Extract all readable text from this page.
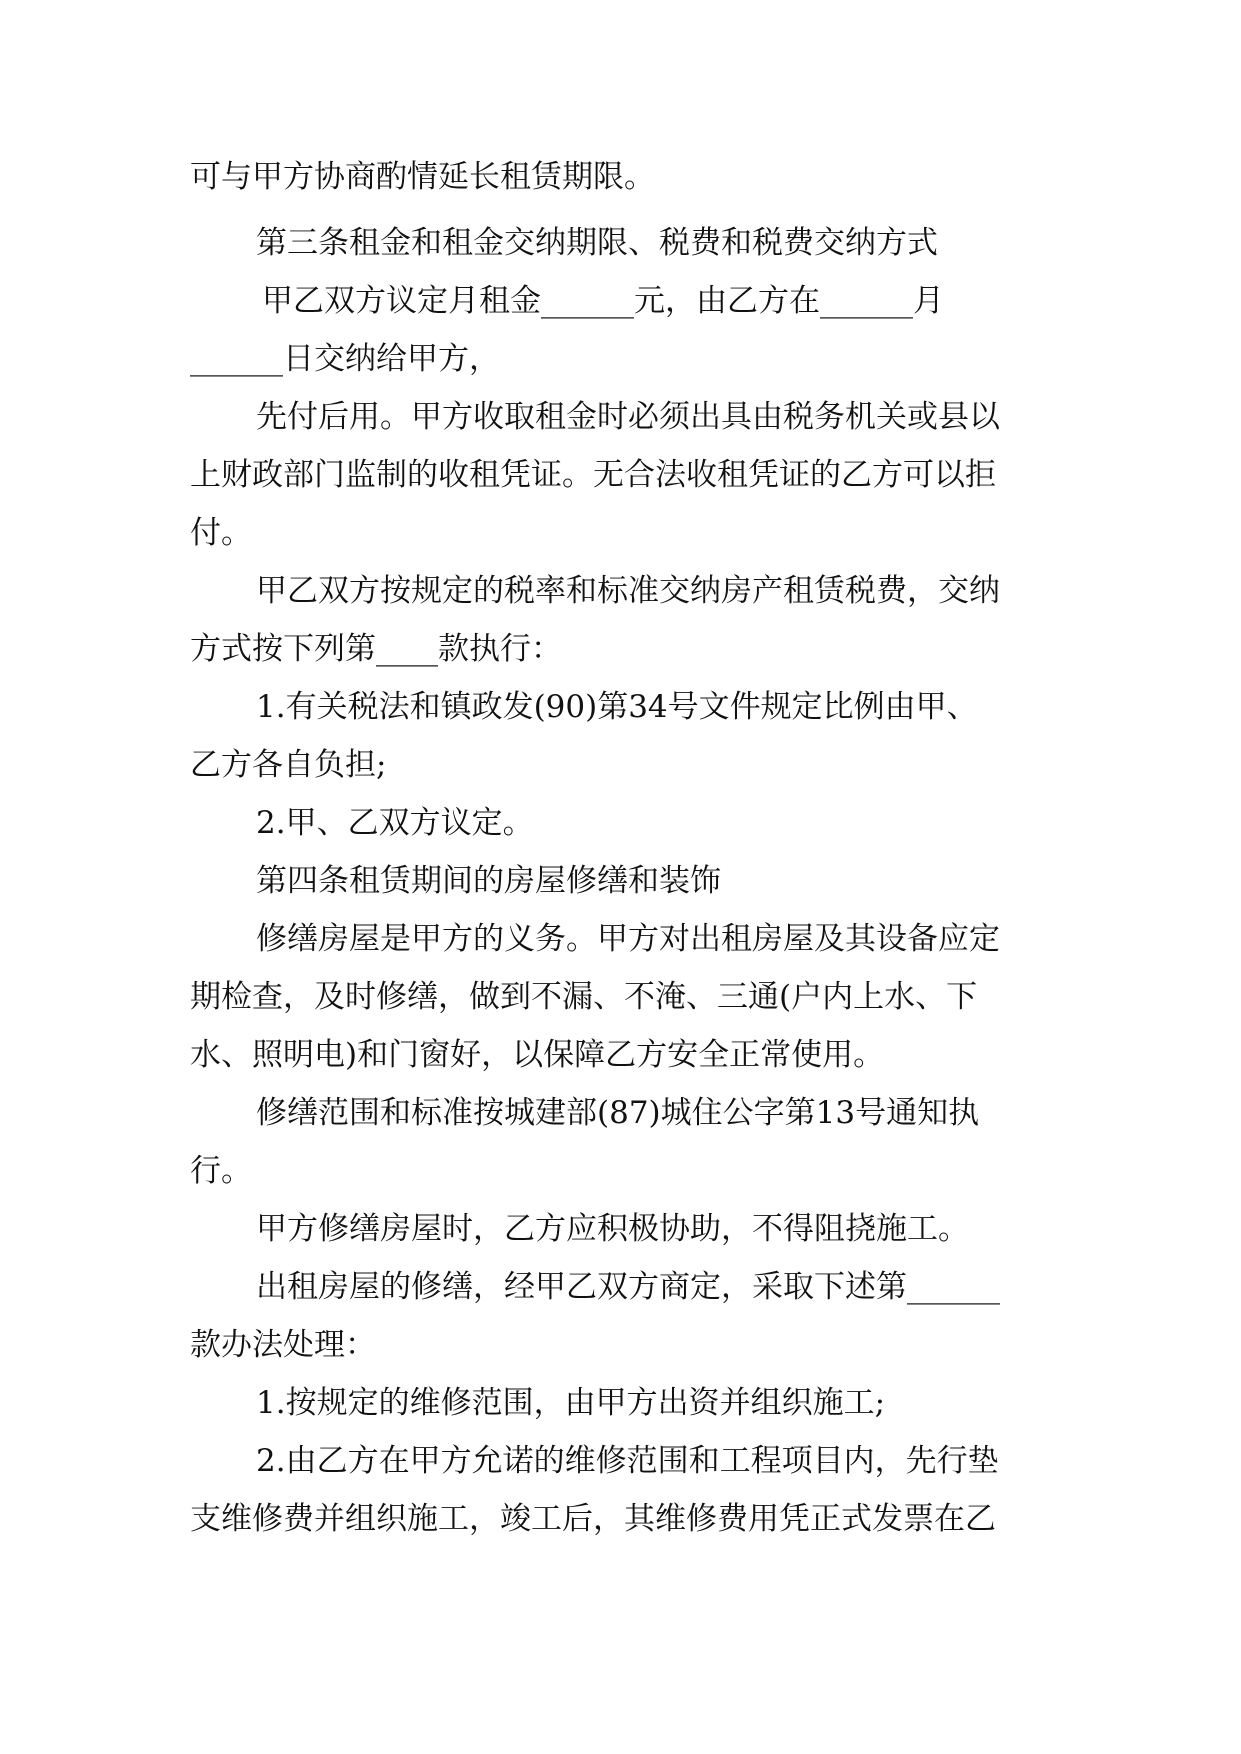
可与甲方协商酌情延长租赁期限。
第三条租金和租金交纳期限、税费和税费交纳方式
甲乙双方议定月租金______元，由乙方在______月
______日交纳给甲方，
先付后用。甲方收取租金时必须出具由税务机关或县以
上财政部门监制的收租凭证。无合法收租凭证的乙方可以拒
付。
甲乙双方按规定的税率和标准交纳房产租赁税费，交纳
方式按下列第____款执行：
1.有关税法和镇政发(90)第34号文件规定比例由甲、
乙方各自负担;
2.甲、乙双方议定。
第四条租赁期间的房屋修缮和装饰
修缮房屋是甲方的义务。甲方对出租房屋及其设备应定
期检查，及时修缮，做到不漏、不淹、三通(户内上水、下
水、照明电)和门窗好，以保障乙方安全正常使用。
修缮范围和标准按城建部(87)城住公字第13号通知执
行。
甲方修缮房屋时，乙方应积极协助，不得阻挠施工。
出租房屋的修缮，经甲乙双方商定，采取下述第______
款办法处理：
1.按规定的维修范围，由甲方出资并组织施工;
2.由乙方在甲方允诺的维修范围和工程项目内，先行垫
支维修费并组织施工，竣工后，其维修费用凭正式发票在乙
